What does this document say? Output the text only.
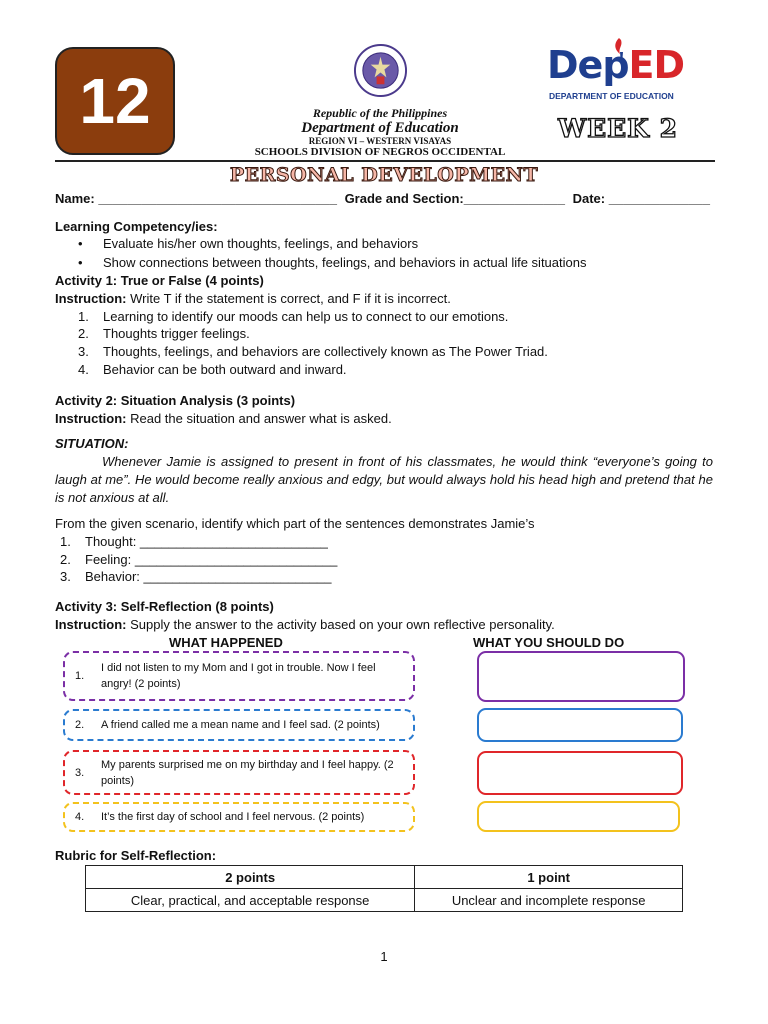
12	DepED
DEPARTMENT OF EDUCATION
Republic of the Philippines
Department of Education
REGION VI – WESTERN VISAYAS
SCHOOLS DIVISION OF NEGROS OCCIDENTAL
WEEK 2
PERSONAL DEVELOPMENT
Name: _________________________________ Grade and Section:______________ Date: ______________
Learning Competency/ies:
• Evaluate his/her own thoughts, feelings, and behaviors
• Show connections between thoughts, feelings, and behaviors in actual life situations
Activity 1: True or False (4 points)
Instruction: Write T if the statement is correct, and F if it is incorrect.
1. Learning to identify our moods can help us to connect to our emotions.
2. Thoughts trigger feelings.
3. Thoughts, feelings, and behaviors are collectively known as The Power Triad.
4. Behavior can be both outward and inward.
Activity 2: Situation Analysis (3 points)
Instruction: Read the situation and answer what is asked.
SITUATION:
Whenever Jamie is assigned to present in front of his classmates, he would think “everyone’s going to laugh at me”. He would become really anxious and edgy, but would always hold his head high and pretend that he is not anxious at all.
From the given scenario, identify which part of the sentences demonstrates Jamie’s
1. Thought: __________________________
2. Feeling: ____________________________
3. Behavior: __________________________
Activity 3: Self-Reflection (8 points)
Instruction: Supply the answer to the activity based on your own reflective personality.
WHAT HAPPENED	WHAT YOU SHOULD DO
1.
I did not listen to my Mom and I got in trouble. Now I feel angry! (2 points)
2.	A friend called me a mean name and I feel sad. (2 points)
3.
My parents surprised me on my birthday and I feel happy. (2 points)
4.	It’s the first day of school and I feel nervous. (2 points)
Rubric for Self-Reflection:
2 points	1 point
Clear, practical, and acceptable response	Unclear and incomplete response
1
